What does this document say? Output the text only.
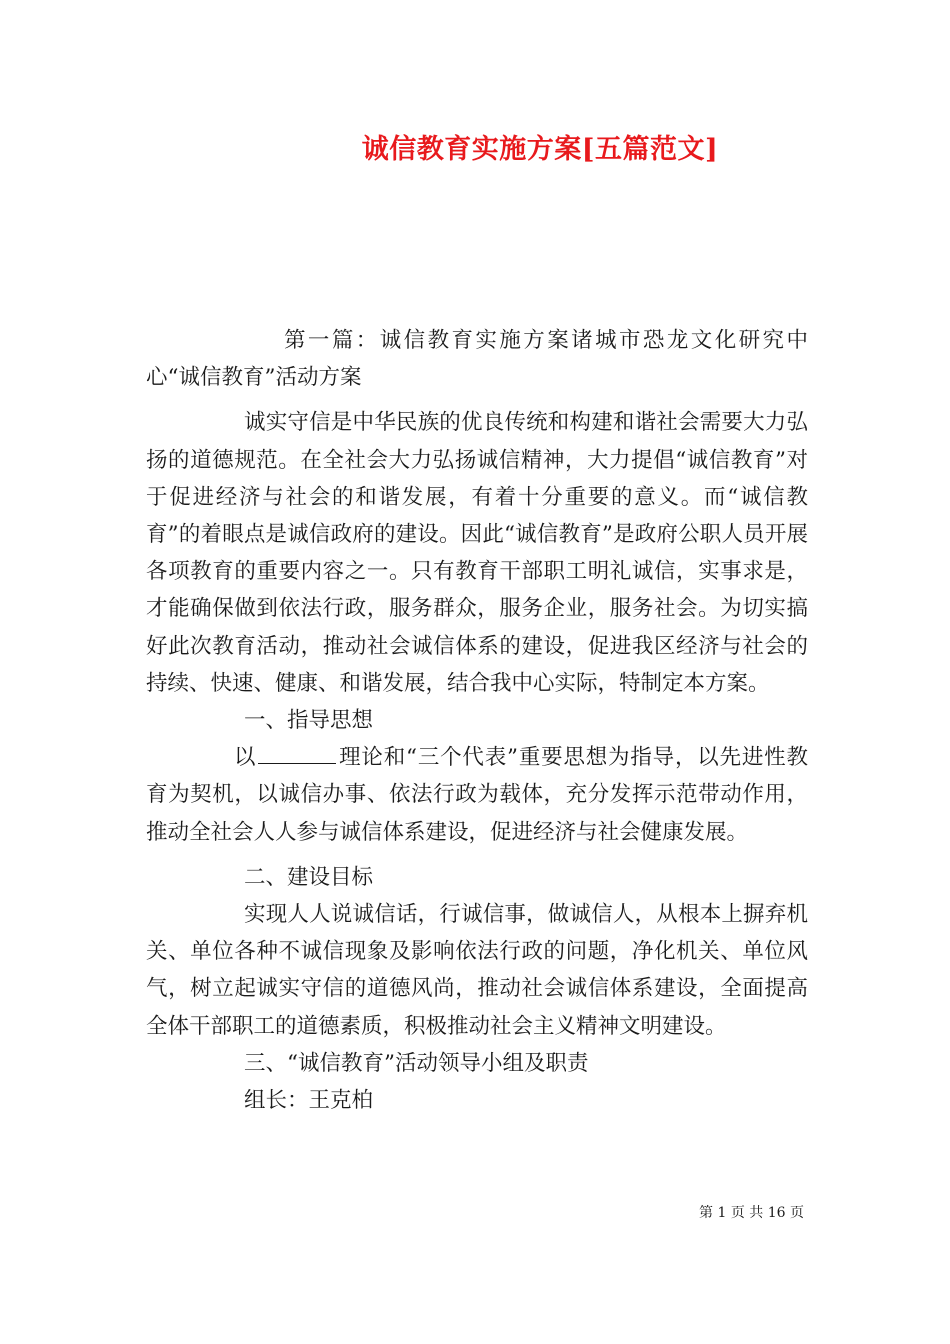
诚信教育实施方案[五篇范文]

第一篇：诚信教育实施方案诸城市恐龙文化研究中心“诚信教育”活动方案

诚实守信是中华民族的优良传统和构建和谐社会需要大力弘扬的道德规范。在全社会大力弘扬诚信精神，大力提倡“诚信教育”对于促进经济与社会的和谐发展，有着十分重要的意义。而“诚信教育”的着眼点是诚信政府的建设。因此“诚信教育”是政府公职人员开展各项教育的重要内容之一。只有教育干部职工明礼诚信，实事求是，才能确保做到依法行政，服务群众，服务企业，服务社会。为切实搞好此次教育活动，推动社会诚信体系的建设，促进我区经济与社会的持续、快速、健康、和谐发展，结合我中心实际，特制定本方案。

一、指导思想

以	理论和“三个代表”重要思想为指导，以先进性教育为契机，以诚信办事、依法行政为载体，充分发挥示范带动作用，推动全社会人人参与诚信体系建设，促进经济与社会健康发展。

二、建设目标

实现人人说诚信话，行诚信事，做诚信人，从根本上摒弃机关、单位各种不诚信现象及影响依法行政的问题，净化机关、单位风气，树立起诚实守信的道德风尚，推动社会诚信体系建设，全面提高全体干部职工的道德素质，积极推动社会主义精神文明建设。

三、“诚信教育”活动领导小组及职责

组长：王克柏

第 1 页 共 16 页
